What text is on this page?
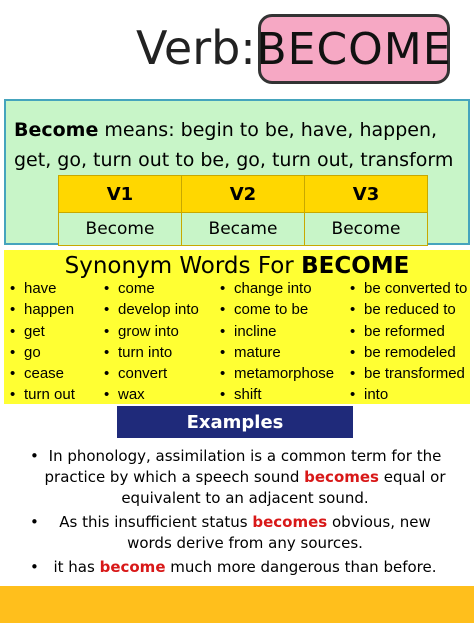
Verb: BECOME
Become means: begin to be, have, happen, get, go, turn out to be, go, turn out, transform
V1	V2	V3
Become	Became	Become
Synonym Words For BECOME
• have
• happen
• get
• go
• cease
• turn out
• come
• develop into
• grow into
• turn into
• convert
• wax
• change into
• come to be
• incline
• mature
• metamorphose
• shift
• be converted to
• be reduced to
• be reformed
• be remodeled
• be transformed
• into
Examples
• In phonology, assimilation is a common term for the practice by which a speech sound becomes equal or equivalent to an adjacent sound.
• As this insufficient status becomes obvious, new words derive from any sources.
• it has become much more dangerous than before.
